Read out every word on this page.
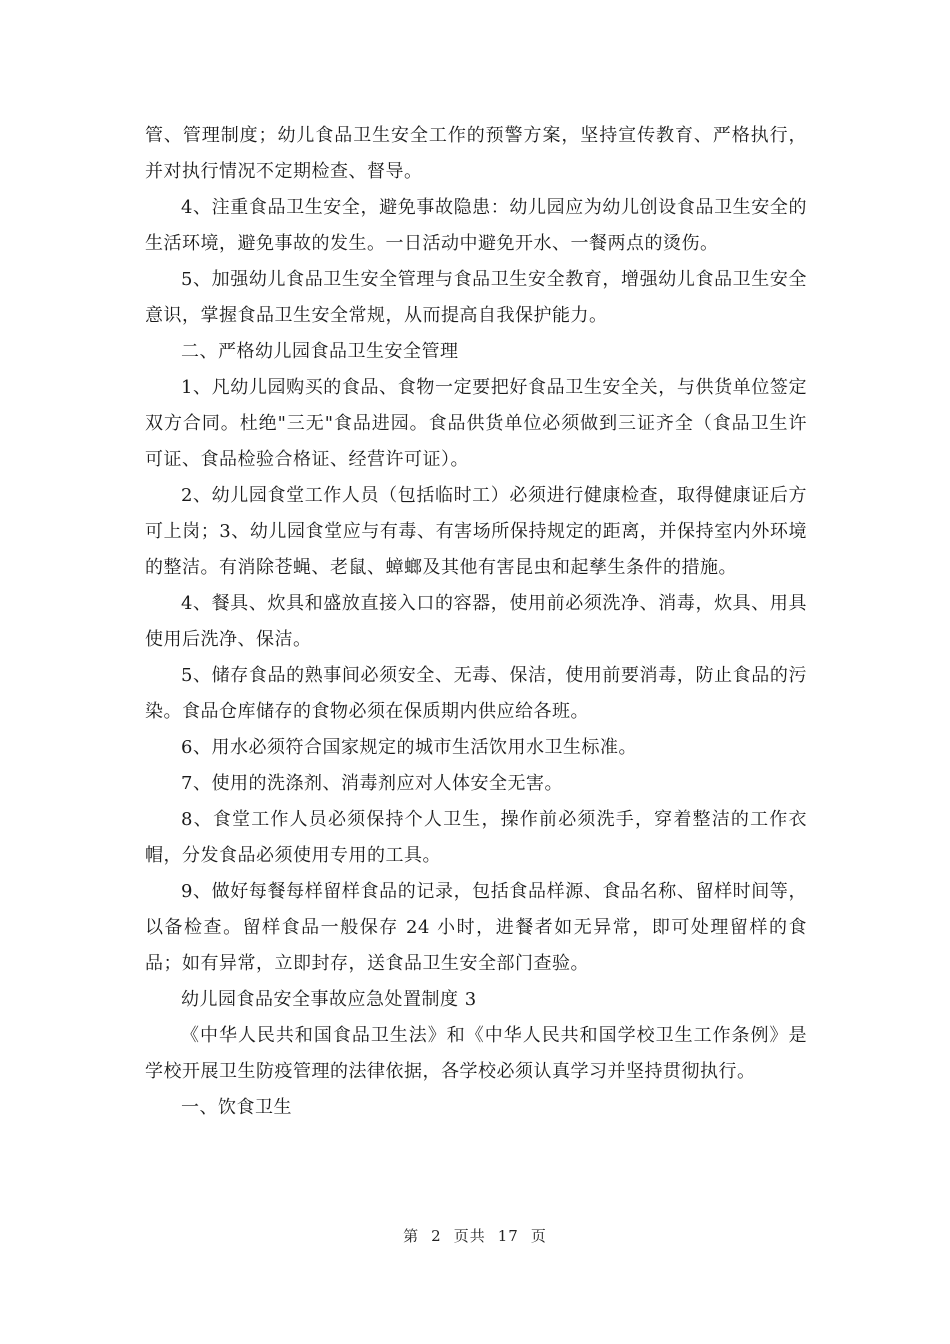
管、管理制度；幼儿食品卫生安全工作的预警方案，坚持宣传教育、严格执行，并对执行情况不定期检查、督导。

4、注重食品卫生安全，避免事故隐患：幼儿园应为幼儿创设食品卫生安全的生活环境，避免事故的发生。一日活动中避免开水、一餐两点的烫伤。

5、加强幼儿食品卫生安全管理与食品卫生安全教育，增强幼儿食品卫生安全意识，掌握食品卫生安全常规，从而提高自我保护能力。

二、严格幼儿园食品卫生安全管理

1、凡幼儿园购买的食品、食物一定要把好食品卫生安全关，与供货单位签定双方合同。杜绝"三无"食品进园。食品供货单位必须做到三证齐全（食品卫生许可证、食品检验合格证、经营许可证）。

2、幼儿园食堂工作人员（包括临时工）必须进行健康检查，取得健康证后方可上岗；3、幼儿园食堂应与有毒、有害场所保持规定的距离，并保持室内外环境的整洁。有消除苍蝇、老鼠、蟑螂及其他有害昆虫和起孳生条件的措施。

4、餐具、炊具和盛放直接入口的容器，使用前必须洗净、消毒，炊具、用具使用后洗净、保洁。

5、储存食品的熟事间必须安全、无毒、保洁，使用前要消毒，防止食品的污染。食品仓库储存的食物必须在保质期内供应给各班。

6、用水必须符合国家规定的城市生活饮用水卫生标准。

7、使用的洗涤剂、消毒剂应对人体安全无害。

8、食堂工作人员必须保持个人卫生，操作前必须洗手，穿着整洁的工作衣帽，分发食品必须使用专用的工具。

9、做好每餐每样留样食品的记录，包括食品样源、食品名称、留样时间等，以备检查。留样食品一般保存 24 小时，进餐者如无异常，即可处理留样的食品；如有异常，立即封存，送食品卫生安全部门查验。

幼儿园食品安全事故应急处置制度 3

《中华人民共和国食品卫生法》和《中华人民共和国学校卫生工作条例》是学校开展卫生防疫管理的法律依据，各学校必须认真学习并坚持贯彻执行。

一、饮食卫生

第 2 页共 17 页
